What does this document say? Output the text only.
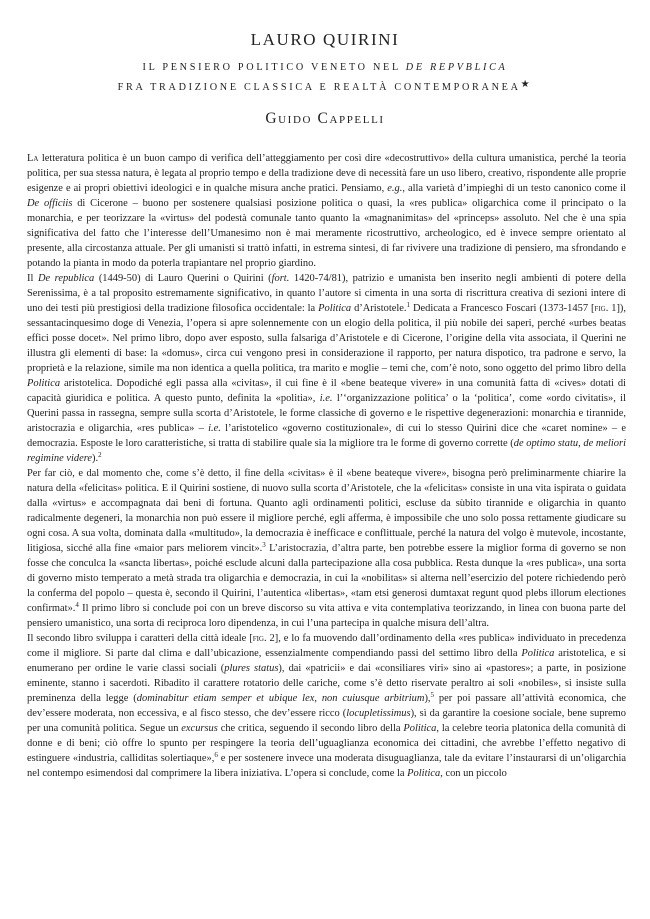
LAURO QUIRINI
IL PENSIERO POLITICO VENETO NEL DE REPVBLICA
FRA TRADIZIONE CLASSICA E REALTÀ CONTEMPORANEA★
Guido Cappelli

La letteratura politica è un buon campo di verifica dell’atteggiamento per così dire «decostruttivo» della cultura umanistica, perché la teoria politica, per sua stessa natura, è legata al proprio tempo e della tradizione deve di necessità fare un uso libero, creativo, rispondente alle proprie esigenze e ai propri obiettivi ideologici e in qualche misura anche pratici. Pensiamo, e.g., alla varietà d’impieghi di un testo canonico come il De officiis di Cicerone – buono per sostenere qualsiasi posizione politica o quasi, la «res publica» oligarchica come il principato o la monarchia, e per teorizzare la «virtus» del podestà comunale tanto quanto la «magnanimitas» del «princeps» assoluto. Nel che è una spia significativa del fatto che l’interesse dell’Umanesimo non è mai meramente ricostruttivo, archeologico, ed è invece sempre orientato al presente, alla circostanza attuale. Per gli umanisti si trattò infatti, in estrema sintesi, di far rivivere una tradizione di pensiero, ma sfrondando e potando la pianta in modo da poterla trapiantare nel proprio giardino.

Il De republica (1449-50) di Lauro Querini o Quirini (fort. 1420-74/81), patrizio e umanista ben inserito negli ambienti di potere della Serenissima, è a tal proposito estremamente significativo, in quanto l’autore si cimenta in una sorta di riscrittura creativa di sezioni intere di uno dei testi più prestigiosi della tradizione filosofica occidentale: la Politica d’Aristotele.$^1$ Dedicata a Francesco Foscari (1373-1457 [fig. 1]), sessantacinquesimo doge di Venezia, l’opera si apre solennemente con un elogio della politica, il più nobile dei saperi, perché «urbes beatas effici posse docet». Nel primo libro, dopo aver esposto, sulla falsariga d’Aristotele e di Cicerone, l’origine della vita associata, il Querini ne illustra gli elementi di base: la «domus», circa cui vengono presi in considerazione il rapporto, per natura dispotico, tra padrone e servo, la proprietà e la relazione, simile ma non identica a quella politica, tra marito e moglie – temi che, com’è noto, sono oggetto del primo libro della Politica aristotelica. Dopodiché egli passa alla «civitas», il cui fine è il «bene beateque vivere» in una comunità fatta di «cives» dotati di capacità giuridica e politica. A questo punto, definita la «politia», i.e. l’‘organizzazione politica’ o la ‘politica’, come «ordo civitatis», il Querini passa in rassegna, sempre sulla scorta d’Aristotele, le forme classiche di governo e le rispettive degenerazioni: monarchia e tirannide, aristocrazia e oligarchia, «res publica» – i.e. l’aristotelico «governo costituzionale», di cui lo stesso Quirini dice che «caret nomine» – e democrazia. Esposte le loro caratteristiche, si tratta di stabilire quale sia la migliore tra le forme di governo corrette (de optimo statu, de meliori regimine videre).$^2$

Per far ciò, e dal momento che, come s’è detto, il fine della «civitas» è il «bene beateque vivere», bisogna però preliminarmente chiarire la natura della «felicitas» politica. E il Quirini sostiene, di nuovo sulla scorta d’Aristotele, che la «felicitas» consiste in una vita ispirata o guidata dalla «virtus» e accompagnata dai beni di fortuna. Quanto agli ordinamenti politici, escluse da sùbito tirannide e oligarchia in quanto radicalmente degeneri, la monarchia non può essere il migliore perché, egli afferma, è impossibile che uno solo possa rettamente giudicare su ogni cosa. A sua volta, dominata dalla «multitudo», la democrazia è inefficace e conflittuale, perché la natura del volgo è mutevole, incostante, litigiosa, sicché alla fine «maior pars meliorem vincit».$^3$ L’aristocrazia, d’altra parte, ben potrebbe essere la miglior forma di governo se non fosse che conculca la «sancta libertas», poiché esclude alcuni dalla partecipazione alla cosa pubblica. Resta dunque la «res publica», una sorta di governo misto temperato a metà strada tra oligarchia e democrazia, in cui la «nobilitas» si alterna nell’esercizio del potere richiedendo però la conferma del popolo – questa è, secondo il Quirini, l’autentica «libertas», «tam etsi generosi dumtaxat regunt quod plebs illorum electiones confirmat».$^4$ Il primo libro si conclude poi con un breve discorso su vita attiva e vita contemplativa teorizzando, in linea con buona parte del pensiero umanistico, una sorta di reciproca loro dipendenza, in cui l’una partecipa in qualche misura dell’altra.

Il secondo libro sviluppa i caratteri della città ideale [fig. 2], e lo fa muovendo dall’ordinamento della «res publica» individuato in precedenza come il migliore. Si parte dal clima e dall’ubicazione, essenzialmente compendiando passi del settimo libro della Politica aristotelica, e si enumerano per ordine le varie classi sociali (plures status), dai «patricii» e dai «consiliares viri» sino ai «pastores»; a parte, in posizione eminente, stanno i sacerdoti. Ribadito il carattere rotatorio delle cariche, come s’è detto riservate peraltro ai soli «nobiles», si insiste sulla preminenza della legge (dominabitur etiam semper et ubique lex, non cuiusque arbitrium),$^5$ per poi passare all’attività economica, che dev’essere moderata, non eccessiva, e al fisco stesso, che dev’essere ricco (locupletissimus), sì da garantire la coesione sociale, bene supremo per una comunità politica. Segue un excursus che critica, seguendo il secondo libro della Politica, la celebre teoria platonica della comunità di donne e di beni; ciò offre lo spunto per respingere la teoria dell’uguaglianza economica dei cittadini, che avrebbe l’effetto negativo di estinguere «industria, calliditas solertiaque»,$^6$ e per sostenere invece una moderata disuguaglianza, tale da evitare l’instaurarsi di un’oligarchia nel contempo esimendosi dal comprimere la libera iniziativa. L’opera si conclude, come la Politica, con un piccolo
